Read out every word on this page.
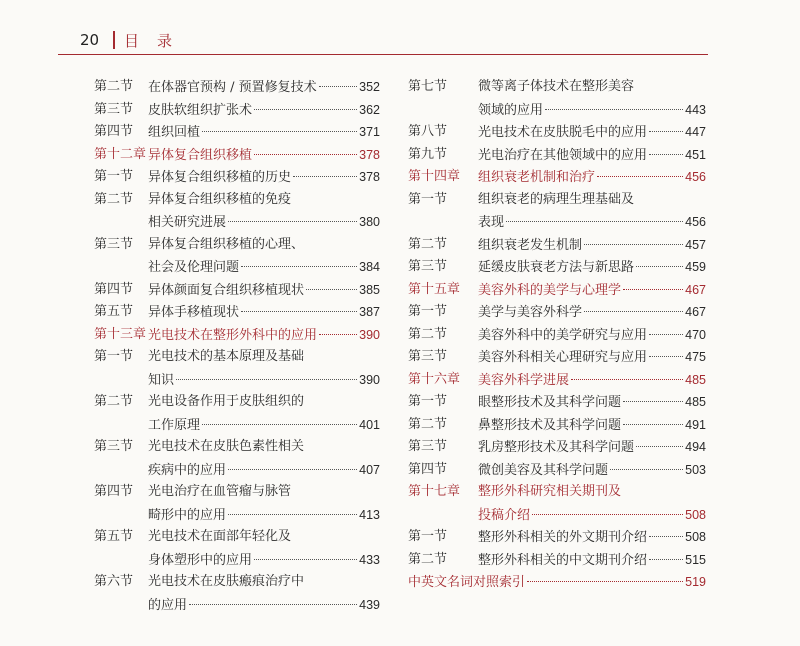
20 目录
第二节 在体器官预构 / 预置修复技术	352
第三节 皮肤软组织扩张术	362
第四节 组织回植	371
第十二章 异体复合组织移植	378
第一节 异体复合组织移植的历史	378
第二节 异体复合组织移植的免疫
相关研究进展	380
第三节 异体复合组织移植的心理、
社会及伦理问题	384
第四节 异体颜面复合组织移植现状	385
第五节 异体手移植现状	387
第十三章 光电技术在整形外科中的应用	390
第一节 光电技术的基本原理及基础
知识	390
第二节 光电设备作用于皮肤组织的
工作原理	401
第三节 光电技术在皮肤色素性相关
疾病中的应用	407
第四节 光电治疗在血管瘤与脉管
畸形中的应用	413
第五节 光电技术在面部年轻化及
身体塑形中的应用	433
第六节 光电技术在皮肤瘢痕治疗中
的应用	439
第七节 微等离子体技术在整形美容
领域的应用	443
第八节 光电技术在皮肤脱毛中的应用	447
第九节 光电治疗在其他领域中的应用	451
第十四章 组织衰老机制和治疗	456
第一节 组织衰老的病理生理基础及
表现	456
第二节 组织衰老发生机制	457
第三节 延缓皮肤衰老方法与新思路	459
第十五章 美容外科的美学与心理学	467
第一节 美学与美容外科学	467
第二节 美容外科中的美学研究与应用	470
第三节 美容外科相关心理研究与应用	475
第十六章 美容外科学进展	485
第一节 眼整形技术及其科学问题	485
第二节 鼻整形技术及其科学问题	491
第三节 乳房整形技术及其科学问题	494
第四节 微创美容及其科学问题	503
第十七章 整形外科研究相关期刊及
投稿介绍	508
第一节 整形外科相关的外文期刊介绍	508
第二节 整形外科相关的中文期刊介绍	515
中英文名词对照索引	519
